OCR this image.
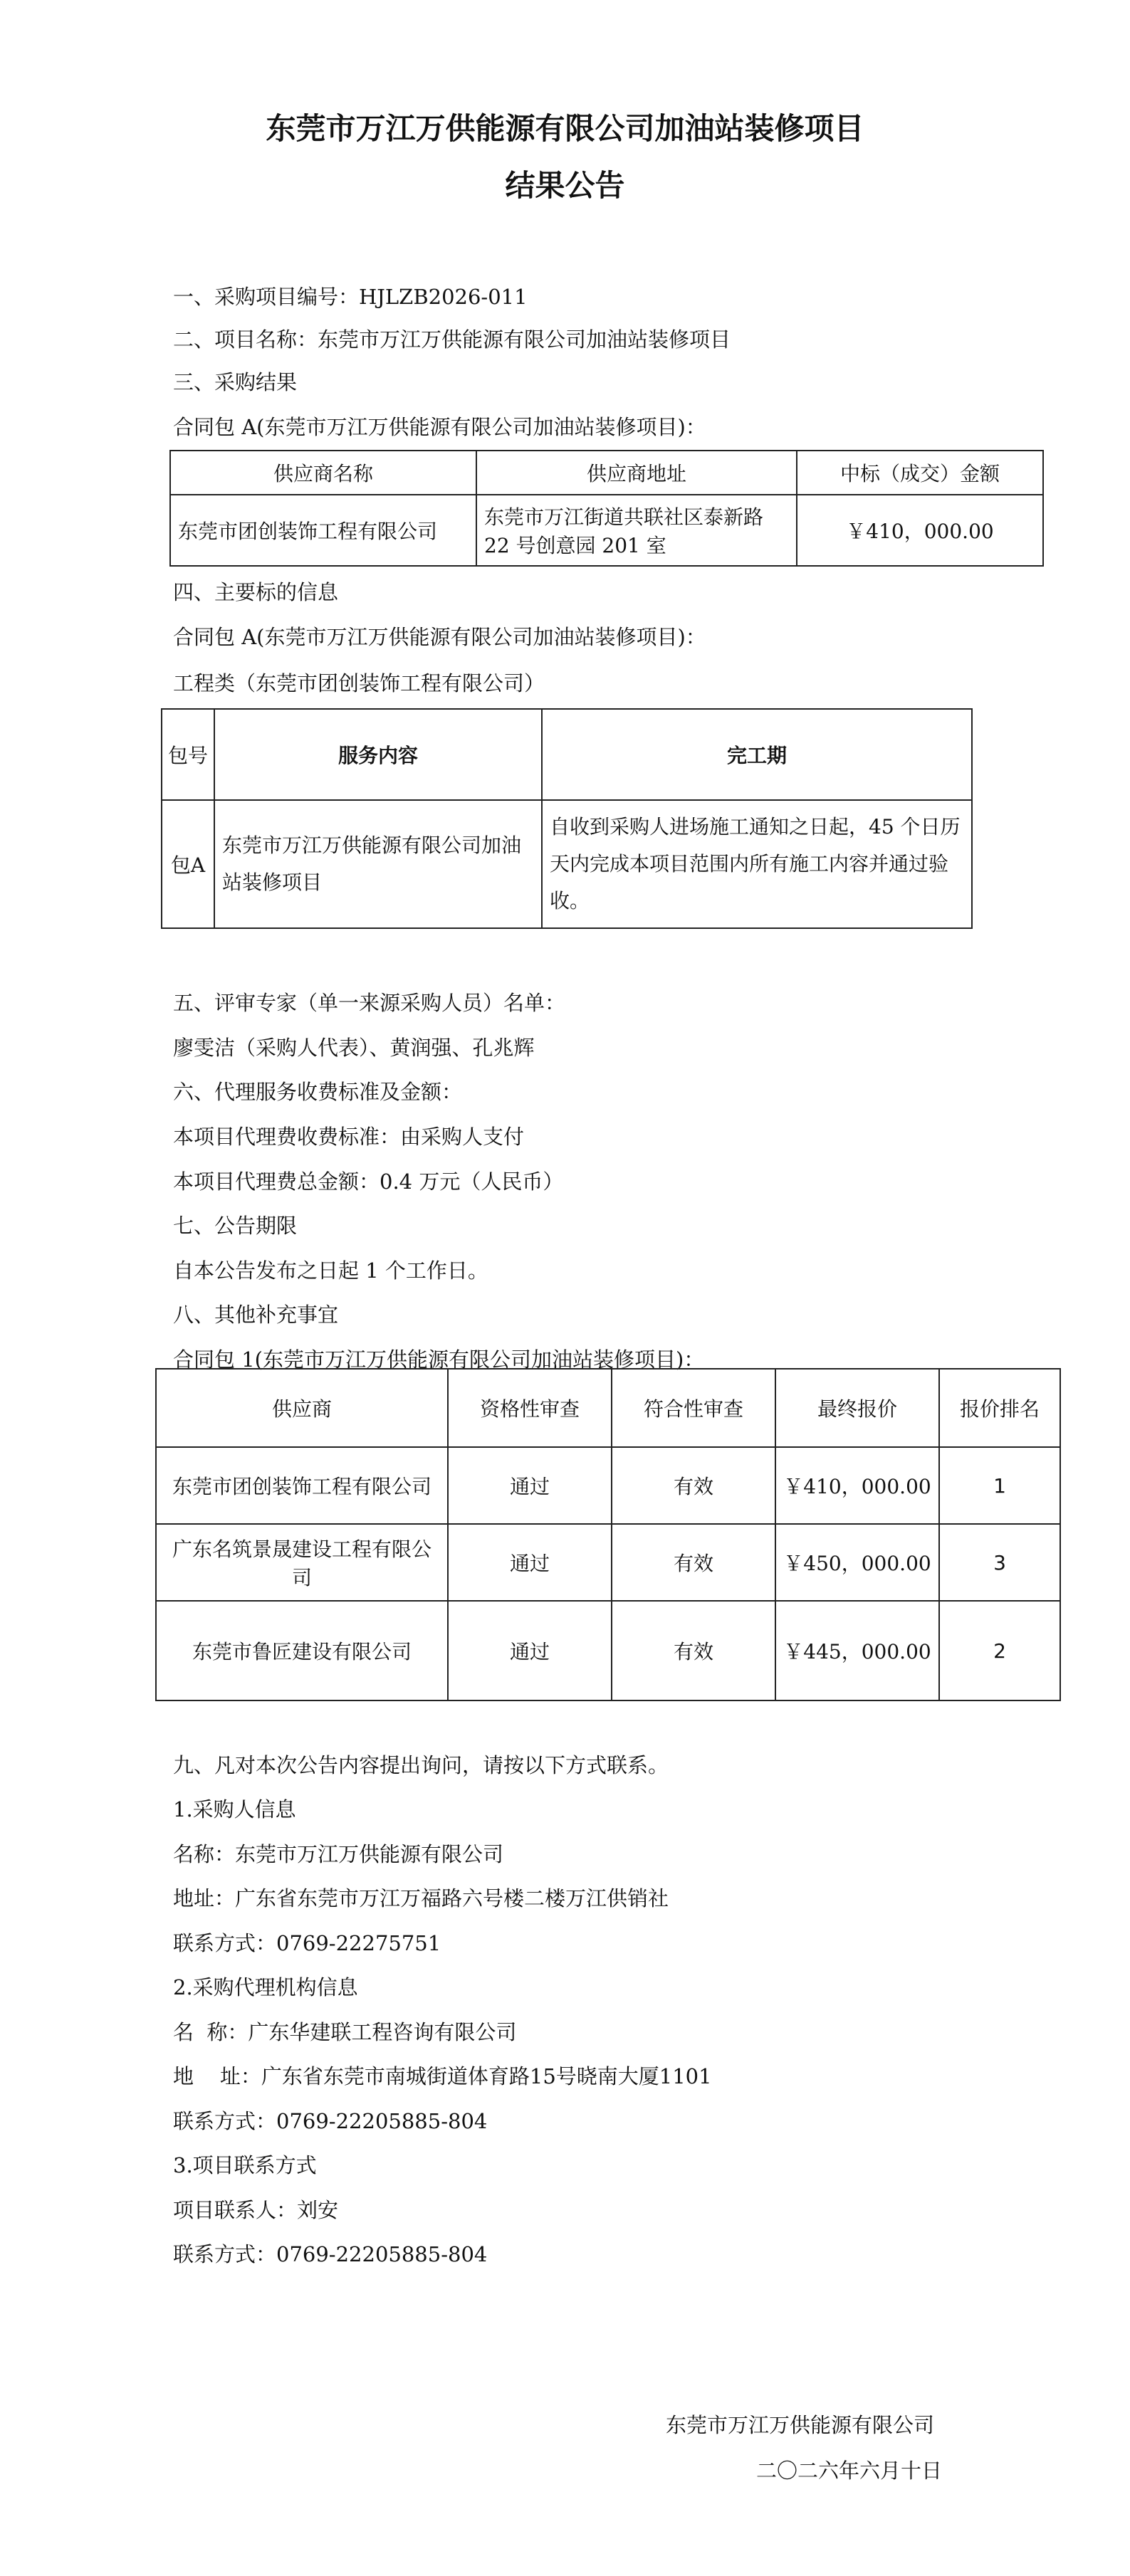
东莞市万江万供能源有限公司加油站装修项目
结果公告

一、采购项目编号：HJLZB2026-011

二、项目名称：东莞市万江万供能源有限公司加油站装修项目

三、采购结果

合同包 A(东莞市万江万供能源有限公司加油站装修项目)：

供应商名称	供应商地址	中标（成交）金额
东莞市团创装饰工程有限公司	东莞市万江街道共联社区泰新路 22 号创意园 201 室	￥410，000.00

四、主要标的信息

合同包 A(东莞市万江万供能源有限公司加油站装修项目)：

工程类（东莞市团创装饰工程有限公司）

包号	服务内容	完工期
包A	东莞市万江万供能源有限公司加油站装修项目	自收到采购人进场施工通知之日起，45 个日历天内完成本项目范围内所有施工内容并通过验收。

五、评审专家（单一来源采购人员）名单：

廖雯洁（采购人代表）、黄润强、孔兆辉

六、代理服务收费标准及金额：

本项目代理费收费标准：由采购人支付

本项目代理费总金额：0.4 万元（人民币）

七、公告期限

自本公告发布之日起 1 个工作日。

八、其他补充事宜

合同包 1(东莞市万江万供能源有限公司加油站装修项目)：

供应商	资格性审查	符合性审查	最终报价	报价排名
东莞市团创装饰工程有限公司	通过	有效	￥410，000.00	1
广东名筑景晟建设工程有限公司	通过	有效	￥450，000.00	3
东莞市鲁匠建设有限公司	通过	有效	￥445，000.00	2

九、凡对本次公告内容提出询问，请按以下方式联系。

1.采购人信息

名称：东莞市万江万供能源有限公司

地址：广东省东莞市万江万福路六号楼二楼万江供销社

联系方式：0769-22275751

2.采购代理机构信息

名  称：广东华建联工程咨询有限公司

地    址：广东省东莞市南城街道体育路15号晓南大厦1101

联系方式：0769-22205885-804

3.项目联系方式

项目联系人：刘安

联系方式：0769-22205885-804

东莞市万江万供能源有限公司

二〇二六年六月十日
